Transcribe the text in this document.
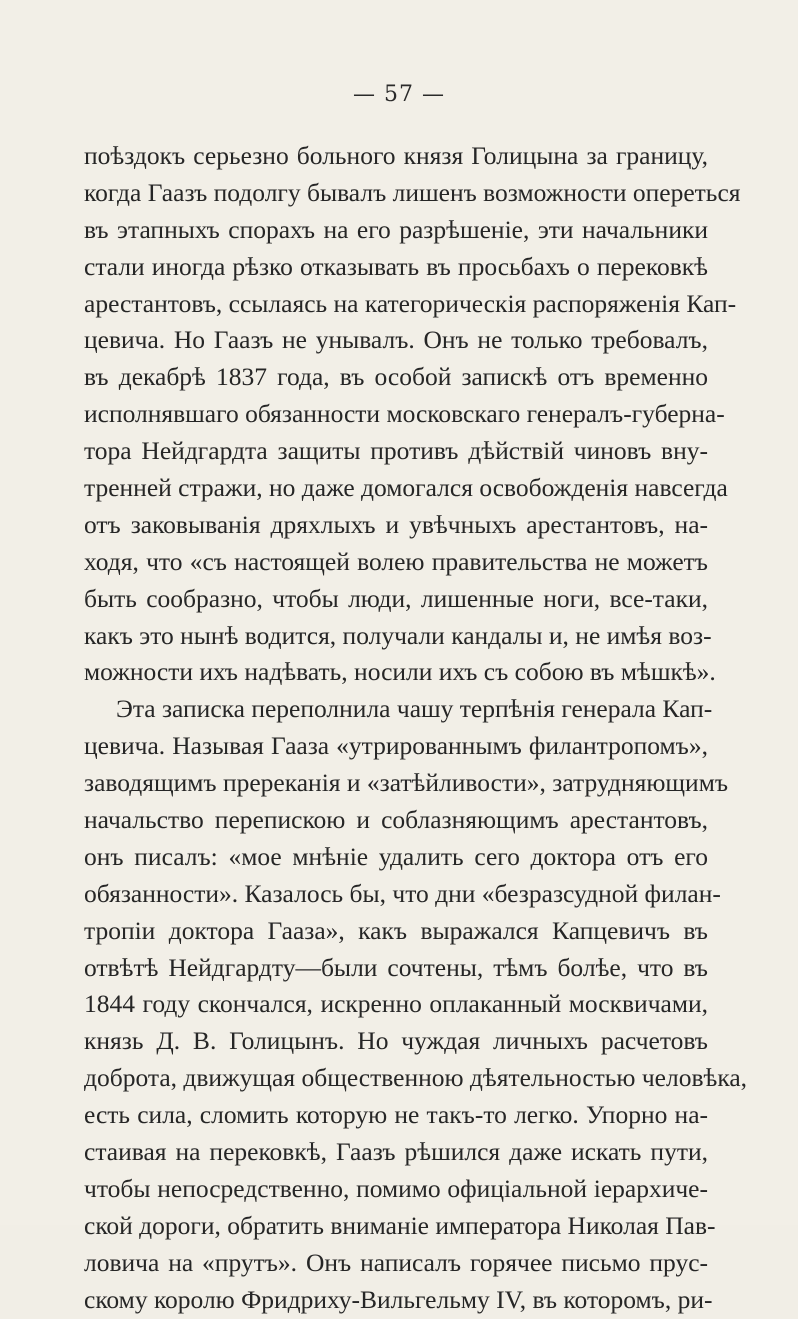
— 57 —
поѣздокъ серьезно больного князя Голицына за границу,
когда Гаазъ подолгу бывалъ лишенъ возможности опереться
въ этапныхъ спорахъ на его разрѣшеніе, эти начальники
стали иногда рѣзко отказывать въ просьбахъ о перековкѣ
арестантовъ, ссылаясь на категорическія распоряженія Кап-
цевича. Но Гаазъ не унывалъ. Онъ не только требовалъ,
въ декабрѣ 1837 года, въ особой запискѣ отъ временно
исполнявшаго обязанности московскаго генералъ-губерна-
тора Нейдгардта защиты противъ дѣйствій чиновъ вну-
тренней стражи, но даже домогался освобожденія навсегда
отъ заковыванія дряхлыхъ и увѣчныхъ арестантовъ, на-
ходя, что «съ настоящей волею правительства не можетъ
быть сообразно, чтобы люди, лишенные ноги, все-таки,
какъ это нынѣ водится, получали кандалы и, не имѣя воз-
можности ихъ надѣвать, носили ихъ съ собою въ мѣшкѣ».
Эта записка переполнила чашу терпѣнія генерала Кап-
цевича. Называя Гааза «утрированнымъ филантропомъ»,
заводящимъ пререканія и «затѣйливости», затрудняющимъ
начальство перепискою и соблазняющимъ арестантовъ,
онъ писалъ: «мое мнѣніе удалить сего доктора отъ его
обязанности». Казалось бы, что дни «безразсудной филан-
тропіи доктора Гааза», какъ выражался Капцевичъ въ
отвѣтѣ Нейдгардту—были сочтены, тѣмъ болѣе, что въ
1844 году скончался, искренно оплаканный москвичами,
князь Д. В. Голицынъ. Но чуждая личныхъ расчетовъ
доброта, движущая общественною дѣятельностью человѣка,
есть сила, сломить которую не такъ-то легко. Упорно на-
стаивая на перековкѣ, Гаазъ рѣшился даже искать пути,
чтобы непосредственно, помимо офиціальной іерархиче-
ской дороги, обратить вниманіе императора Николая Пав-
ловича на «прутъ». Онъ написалъ горячее письмо прус-
скому королю Фридриху-Вильгельму IV, въ которомъ, ри-
